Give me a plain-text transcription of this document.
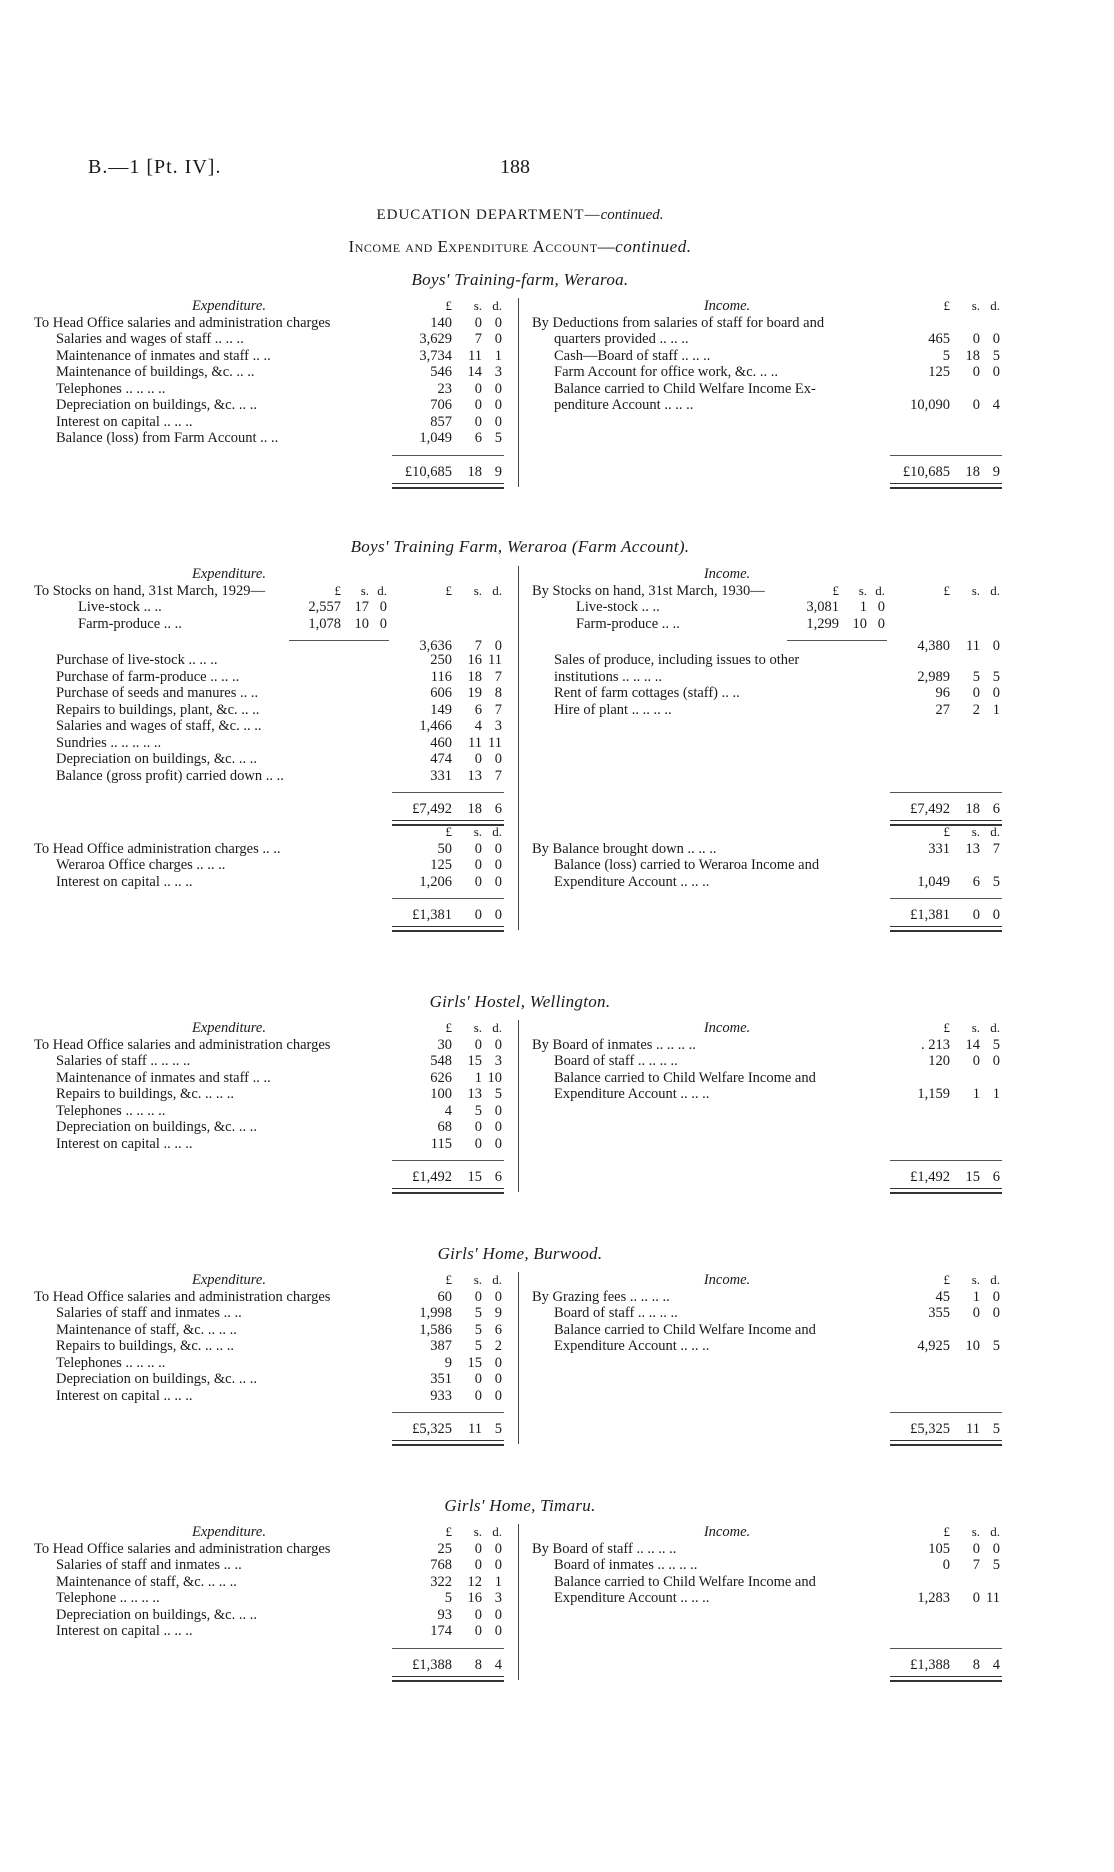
B.—1 [Pt. IV].	188
EDUCATION DEPARTMENT—continued.
Income and Expenditure Account—continued.
Boys' Training-farm, Weraroa.
Expenditure.	£	s. d.
To Head Office salaries and administration charges	140	0 0
Salaries and wages of staff .. .. ..	3,629	7 0
Maintenance of inmates and staff .. ..	3,734	11 1
Maintenance of buildings, &c. .. ..	546	14 3
Telephones .. .. .. ..	23	0 0
Depreciation on buildings, &c. .. ..	706	0 0
Interest on capital .. .. ..	857	0 0
Balance (loss) from Farm Account .. ..	1,049	6 5
£10,685	18 9
Income.	£	s. d.
By Deductions from salaries of staff for board and
quarters provided .. .. ..	465	0 0
Cash—Board of staff .. .. ..	5	18 5
Farm Account for office work, &c. .. ..	125	0 0
Balance carried to Child Welfare Income Ex-
penditure Account .. .. ..	10,090	0 4
£10,685	18 9
Boys' Training Farm, Weraroa (Farm Account).
Expenditure.
To Stocks on hand, 31st March, 1929—	£	s. d.	£	s. d.
Live-stock .. ..	2,557 17 0
Farm-produce .. ..	1,078 10 0
3,636	7 0
Purchase of live-stock .. .. ..	250	16 11
Purchase of farm-produce .. .. ..	116	18 7
Purchase of seeds and manures .. ..	606	19 8
Repairs to buildings, plant, &c. .. ..	149	6 7
Salaries and wages of staff, &c. .. ..	1,466	4 3
Sundries .. .. .. .. ..	460	11 11
Depreciation on buildings, &c. .. ..	474	0 0
Balance (gross profit) carried down .. ..	331	13 7
£7,492	18 6
£	s. d.
To Head Office administration charges .. ..	50	0 0
Weraroa Office charges .. .. ..	125	0 0
Interest on capital .. .. ..	1,206	0 0
£1,381	0 0
Income.
By Stocks on hand, 31st March, 1930—	£	s. d.	£	s. d.
Live-stock .. ..	3,081	1 0
Farm-produce .. ..	1,299 10 0
4,380	11 0
Sales of produce, including issues to other
institutions .. .. .. ..	2,989	5 5
Rent of farm cottages (staff) .. ..	96	0 0
Hire of plant .. .. .. ..	27	2 1
£7,492	18 6
£	s. d.
By Balance brought down .. .. ..	331	13 7
Balance (loss) carried to Weraroa Income and
Expenditure Account .. .. ..	1,049	6 5
£1,381	0 0
Girls' Hostel, Wellington.
Expenditure.	£	s. d.
To Head Office salaries and administration charges	30	0 0
Salaries of staff .. .. .. ..	548	15 3
Maintenance of inmates and staff .. ..	626	1 10
Repairs to buildings, &c. .. .. ..	100	13 5
Telephones .. .. .. ..	4	5 0
Depreciation on buildings, &c. .. ..	68	0 0
Interest on capital .. .. ..	115	0 0
£1,492	15 6
Income.	£	s. d.
By Board of inmates .. .. .. ..	. 213	14 5
Board of staff .. .. .. ..	120	0 0
Balance carried to Child Welfare Income and
Expenditure Account .. .. ..	1,159	1 1
£1,492	15 6
Girls' Home, Burwood.
Expenditure.	£	s. d.
To Head Office salaries and administration charges	60	0 0
Salaries of staff and inmates .. ..	1,998	5 9
Maintenance of staff, &c. .. .. ..	1,586	5 6
Repairs to buildings, &c. .. .. ..	387	5 2
Telephones .. .. .. ..	9	15 0
Depreciation on buildings, &c. .. ..	351	0 0
Interest on capital .. .. ..	933	0 0
£5,325	11 5
Income.	£	s. d.
By Grazing fees .. .. .. ..	45	1 0
Board of staff .. .. .. ..	355	0 0
Balance carried to Child Welfare Income and
Expenditure Account .. .. ..	4,925	10 5
£5,325	11 5
Girls' Home, Timaru.
Expenditure.	£	s. d.
To Head Office salaries and administration charges	25	0 0
Salaries of staff and inmates .. ..	768	0 0
Maintenance of staff, &c. .. .. ..	322	12 1
Telephone .. .. .. ..	5	16 3
Depreciation on buildings, &c. .. ..	93	0 0
Interest on capital .. .. ..	174	0 0
£1,388	8 4
Income.	£	s. d.
By Board of staff .. .. .. ..	105	0 0
Board of inmates .. .. .. ..	0	7 5
Balance carried to Child Welfare Income and
Expenditure Account .. .. ..	1,283	0 11
£1,388	8 4
